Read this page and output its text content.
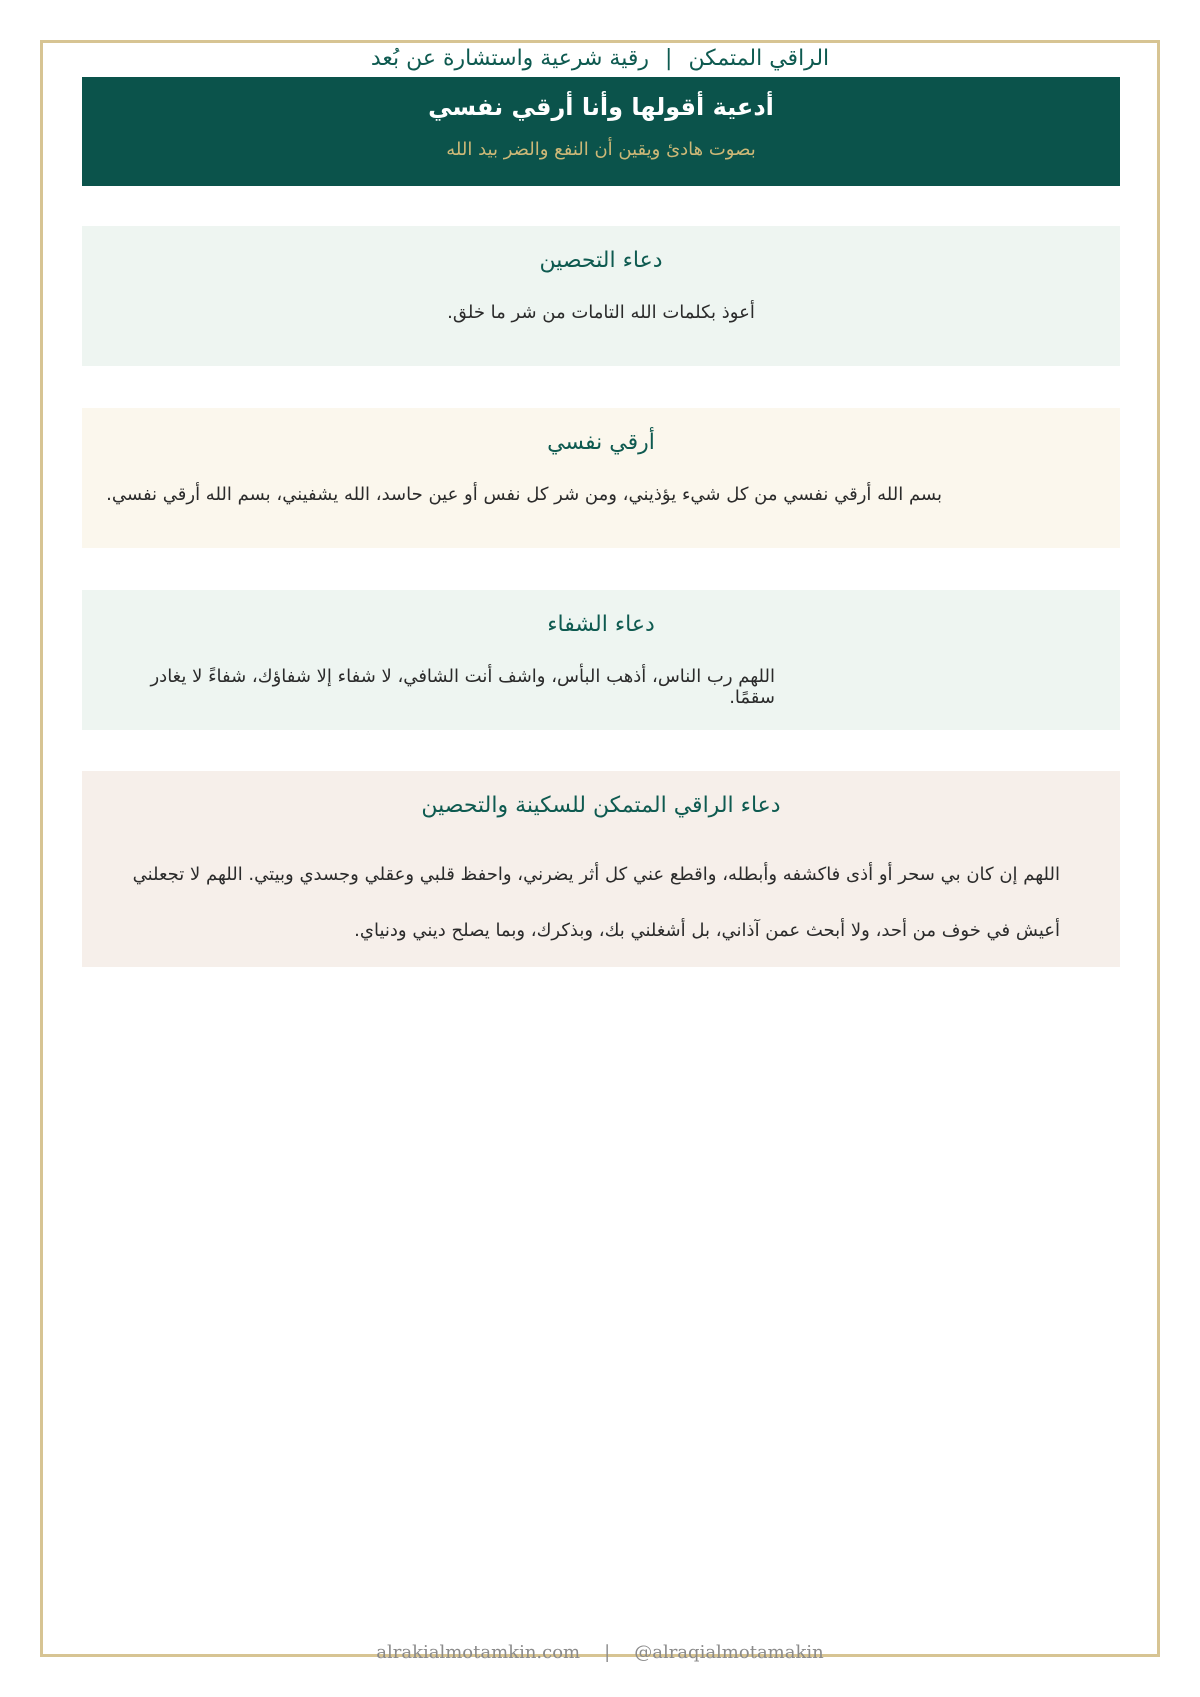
الراقي المتمكن
|
رقية شرعية واستشارة عن بُعد
أدعية أقولها وأنا أرقي نفسي
بصوت هادئ ويقين أن النفع والضر بيد الله
دعاء التحصين
أعوذ بكلمات الله التامات من شر ما خلق.
أرقي نفسي
بسم الله أرقي نفسي من كل شيء يؤذيني، ومن شر كل نفس أو عين حاسد، الله يشفيني، بسم الله أرقي نفسي.
دعاء الشفاء
اللهم رب الناس، أذهب البأس، واشف أنت الشافي، لا شفاء إلا شفاؤك، شفاءً لا يغادر سقمًا.
دعاء الراقي المتمكن للسكينة والتحصين
اللهم إن كان بي سحر أو أذى فاكشفه وأبطله، واقطع عني كل أثر يضرني، واحفظ قلبي وعقلي وجسدي وبيتي. اللهم لا تجعلني أعيش في خوف من أحد، ولا أبحث عمن آذاني، بل أشغلني بك، وبذكرك، وبما يصلح ديني ودنياي.
alrakialmotamkin.com | @alraqialmotamakin
